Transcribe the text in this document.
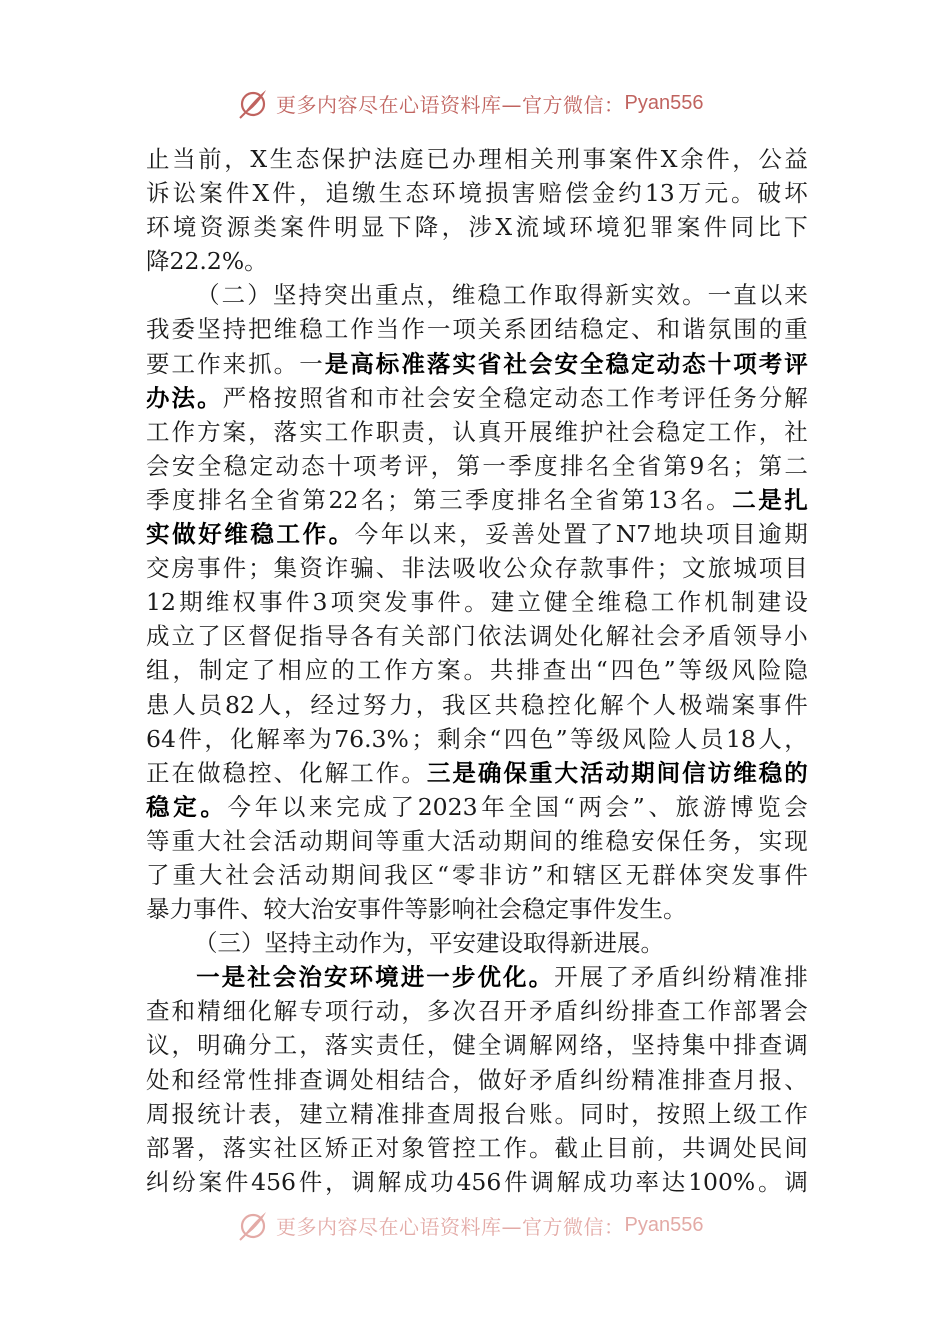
更多内容尽在心语资料库—官方微信： Pyan556
止 当 前 ， X 生 态 保 护 法 庭 已 办 理 相 关 刑 事 案 件 X 余 件 ， 公 益
诉 讼 案 件 X 件 ， 追 缴 生 态 环 境 损 害 赔 偿 金 约 13 万 元 。 破 坏
环 境 资 源 类 案 件 明 显 下 降 ， 涉 X 流 域 环 境 犯 罪 案 件 同 比 下
降22.2%。
（ 二 ） 坚 持 突 出 重 点 ， 维 稳 工 作 取 得 新 实 效 。 一 直 以 来
我 委 坚 持 把 维 稳 工 作 当 作 一 项 关 系 团 结 稳 定 、 和 谐 氛 围 的 重
要 工 作 来 抓 。 一 是 高 标 准 落 实 省 社 会 安 全 稳 定 动 态 十 项 考 评
办 法 。 严 格 按 照 省 和 市 社 会 安 全 稳 定 动 态 工 作 考 评 任 务 分 解
工 作 方 案 ， 落 实 工 作 职 责 ， 认 真 开 展 维 护 社 会 稳 定 工 作 ， 社
会 安 全 稳 定 动 态 十 项 考 评 ， 第 一 季 度 排 名 全 省 第 9 名 ； 第 二
季 度 排 名 全 省 第 22 名 ； 第 三 季 度 排 名 全 省 第 13 名 。 二 是 扎
实 做 好 维 稳 工 作 。 今 年 以 来 ， 妥 善 处 置 了 N7 地 块 项 目 逾 期
交 房 事 件 ； 集 资 诈 骗 、 非 法 吸 收 公 众 存 款 事 件 ； 文 旅 城 项 目
12 期 维 权 事 件 3 项 突 发 事 件 。 建 立 健 全 维 稳 工 作 机 制 建 设
成 立 了 区 督 促 指 导 各 有 关 部 门 依 法 调 处 化 解 社 会 矛 盾 领 导 小
组 ， 制 定 了 相 应 的 工 作 方 案 。 共 排 查 出 “ 四 色 ” 等 级 风 险 隐
患 人 员 82 人 ， 经 过 努 力 ， 我 区 共 稳 控 化 解 个 人 极 端 案 事 件
64 件 ， 化 解 率 为 76.3% ； 剩 余 “ 四 色 ” 等 级 风 险 人 员 18 人 ，
正 在 做 稳 控 、 化 解 工 作 。 三 是 确 保 重 大 活 动 期 间 信 访 维 稳 的
稳 定 。 今 年 以 来 完 成 了 2023 年 全 国 “ 两 会 ” 、 旅 游 博 览 会
等 重 大 社 会 活 动 期 间 等 重 大 活 动 期 间 的 维 稳 安 保 任 务 ， 实 现
了 重 大 社 会 活 动 期 间 我 区 “ 零 非 访 ” 和 辖 区 无 群 体 突 发 事 件
暴力事件、较大治安事件等影响社会稳定事件发生。
（三）坚持主动作为，平安建设取得新进展。
一 是 社 会 治 安 环 境 进 一 步 优 化 。 开 展 了 矛 盾 纠 纷 精 准 排
查 和 精 细 化 解 专 项 行 动 ， 多 次 召 开 矛 盾 纠 纷 排 查 工 作 部 署 会
议 ， 明 确 分 工 ， 落 实 责 任 ， 健 全 调 解 网 络 ， 坚 持 集 中 排 查 调
处 和 经 常 性 排 查 调 处 相 结 合 ， 做 好 矛 盾 纠 纷 精 准 排 查 月 报 、
周 报 统 计 表 ， 建 立 精 准 排 查 周 报 台 账 。 同 时 ， 按 照 上 级 工 作
部 署 ， 落 实 社 区 矫 正 对 象 管 控 工 作 。 截 止 目 前 ， 共 调 处 民 间
纠 纷 案 件 456 件 ， 调 解 成 功 456 件 调 解 成 功 率 达 100% 。 调
更多内容尽在心语资料库—官方微信： Pyan556
